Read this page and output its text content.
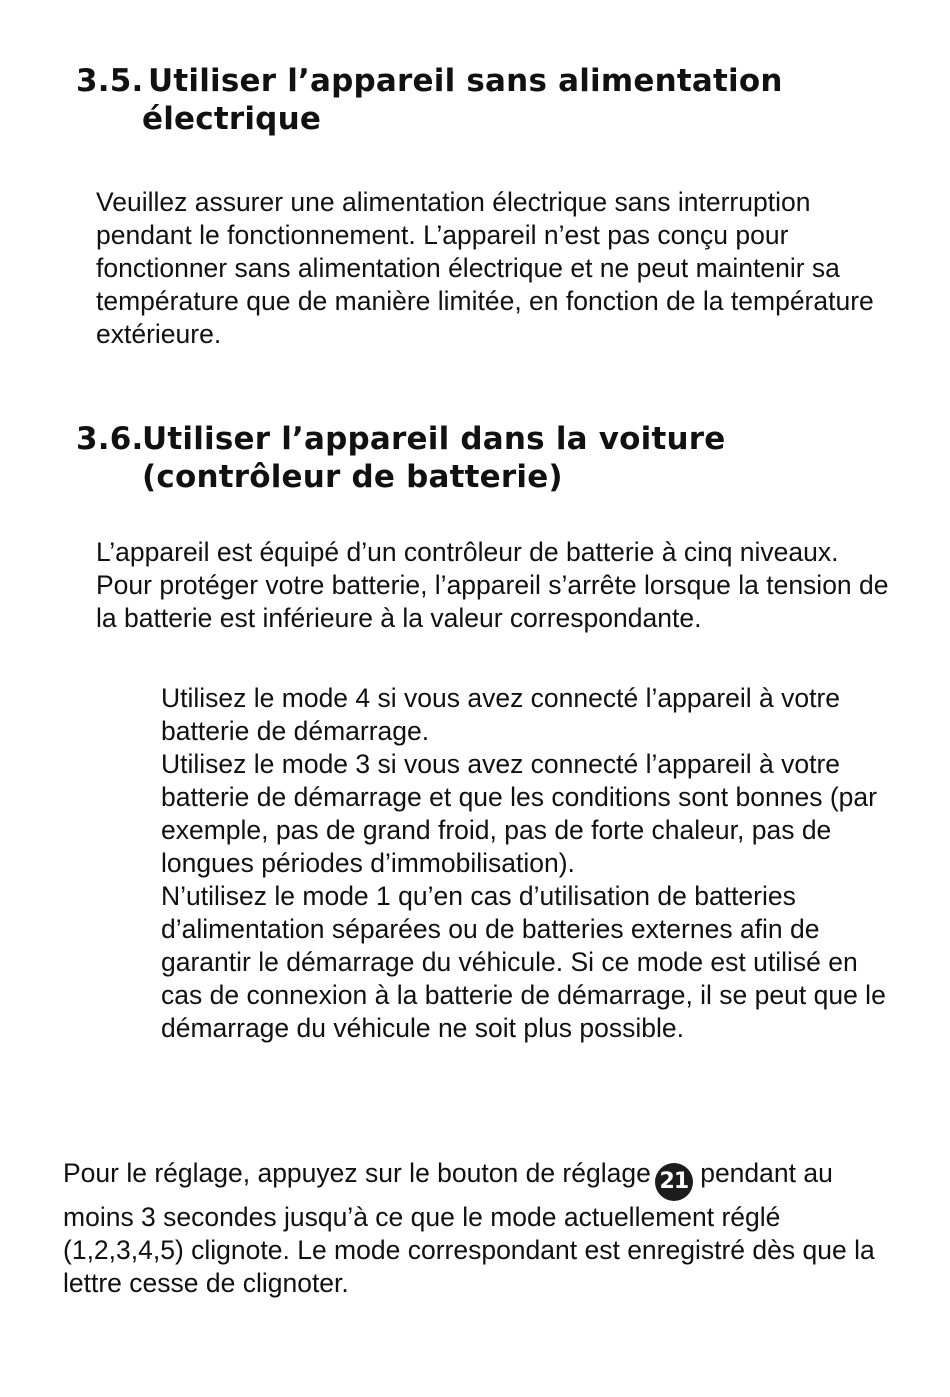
3.5. Utiliser l’appareil sans alimentation
électrique

Veuillez assurer une alimentation électrique sans interruption pendant le fonctionnement. L’appareil n’est pas conçu pour fonctionner sans alimentation électrique et ne peut maintenir sa température que de manière limitée, en fonction de la température extérieure.

3.6.Utiliser l’appareil dans la voiture
(contrôleur de batterie)

L’appareil est équipé d’un contrôleur de batterie à cinq niveaux. Pour protéger votre batterie, l’appareil s’arrête lorsque la tension de la batterie est inférieure à la valeur correspondante.

Utilisez le mode 4 si vous avez connecté l’appareil à votre batterie de démarrage.
Utilisez le mode 3 si vous avez connecté l’appareil à votre batterie de démarrage et que les conditions sont bonnes (par exemple, pas de grand froid, pas de forte chaleur, pas de longues périodes d’immobilisation).
N’utilisez le mode 1 qu’en cas d’utilisation de batteries d’alimentation séparées ou de batteries externes afin de garantir le démarrage du véhicule. Si ce mode est utilisé en cas de connexion à la batterie de démarrage, il se peut que le démarrage du véhicule ne soit plus possible.

Pour le réglage, appuyez sur le bouton de réglage 21 pendant au moins 3 secondes jusqu’à ce que le mode actuellement réglé (1,2,3,4,5) clignote. Le mode correspondant est enregistré dès que la lettre cesse de clignoter.
